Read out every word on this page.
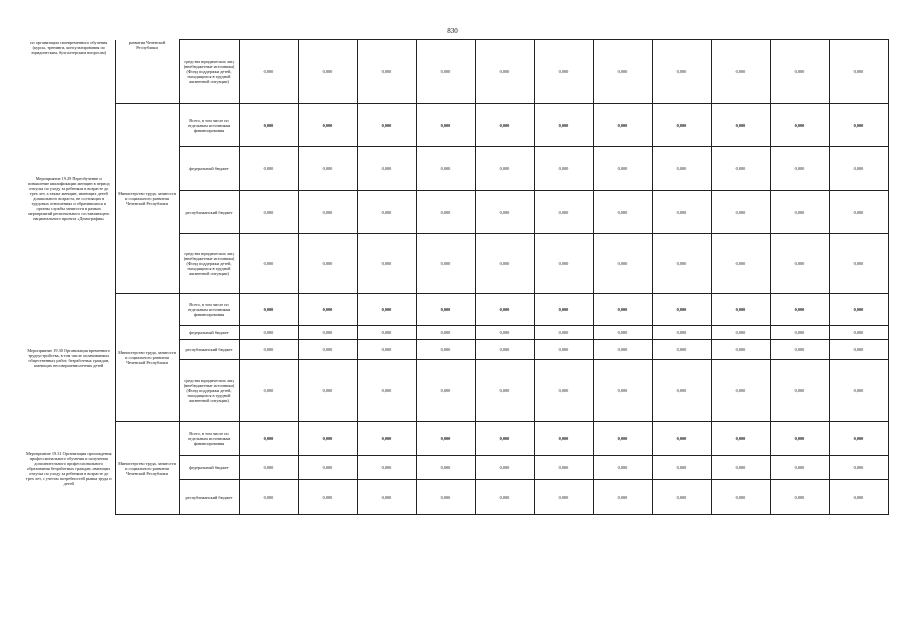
830
по организации своевременного обучения (курсы, тренинги, консультирования по юридическим, бухгалтерским вопросам)	развития Чеченской Республики	средства юридических лиц (внебюджетные источники) (Фонд поддержки детей, находящихся в трудной жизненной ситуации)	0,000	0,000	0,000	0,000	0,000	0,000	0,000	0,000	0,000	0,000	0,000
Мероприятие 19.29 Переобучение и повышение квалификации женщин в период отпуска по уходу за ребенком в возрасте до трех лет, а также женщин, имеющих детей дошкольного возраста, не состоящих в трудовых отношениях и обратившихся в органы службы занятости в рамках мероприятий регионального составляющего национального проекта «Демография»	Министерство труда, занятости и социального развития Чеченской Республики	Всего, в том числе по отдельным источникам финансирования	0,000	0,000	0,000	0,000	0,000	0,000	0,000	0,000	0,000	0,000	0,000
		федеральный бюджет	0,000	0,000	0,000	0,000	0,000	0,000	0,000	0,000	0,000	0,000	0,000
		республиканский бюджет	0,000	0,000	0,000	0,000	0,000	0,000	0,000	0,000	0,000	0,000	0,000
		средства юридических лиц (внебюджетные источники) (Фонд поддержки детей, находящихся в трудной жизненной ситуации)	0,000	0,000	0,000	0,000	0,000	0,000	0,000	0,000	0,000	0,000	0,000
Мероприятие 19.30 Организация временного трудоустройства, в том числе оплачиваемых общественных работ, безработных граждан, имеющих несовершеннолетних детей	Министерство труда, занятости и социального развития Чеченской Республики	Всего, в том числе по отдельным источникам финансирования	0,000	0,000	0,000	0,000	0,000	0,000	0,000	0,000	0,000	0,000	0,000
		федеральный бюджет	0,000	0,000	0,000	0,000	0,000	0,000	0,000	0,000	0,000	0,000	0,000
		республиканский бюджет	0,000	0,000	0,000	0,000	0,000	0,000	0,000	0,000	0,000	0,000	0,000
		средства юридических лиц (внебюджетные источники) (Фонд поддержки детей, находящихся в трудной жизненной ситуации)	0,000	0,000	0,000	0,000	0,000	0,000	0,000	0,000	0,000	0,000	0,000
Мероприятие 19.31 Организация прохождения профессионального обучения и получения дополнительного профессионального образования безработных граждан, имеющих отпуска по уходу за ребенком в возрасте до трех лет, с учетом потребностей рынка труда и детей	Министерство труда, занятости и социального развития Чеченской Республики	Всего, в том числе по отдельным источникам финансирования	0,000	0,000	0,000	0,000	0,000	0,000	0,000	0,000	0,000	0,000	0,000
		федеральный бюджет	0,000	0,000	0,000	0,000	0,000	0,000	0,000	0,000	0,000	0,000	0,000
		республиканский бюджет	0,000	0,000	0,000	0,000	0,000	0,000	0,000	0,000	0,000	0,000	0,000
